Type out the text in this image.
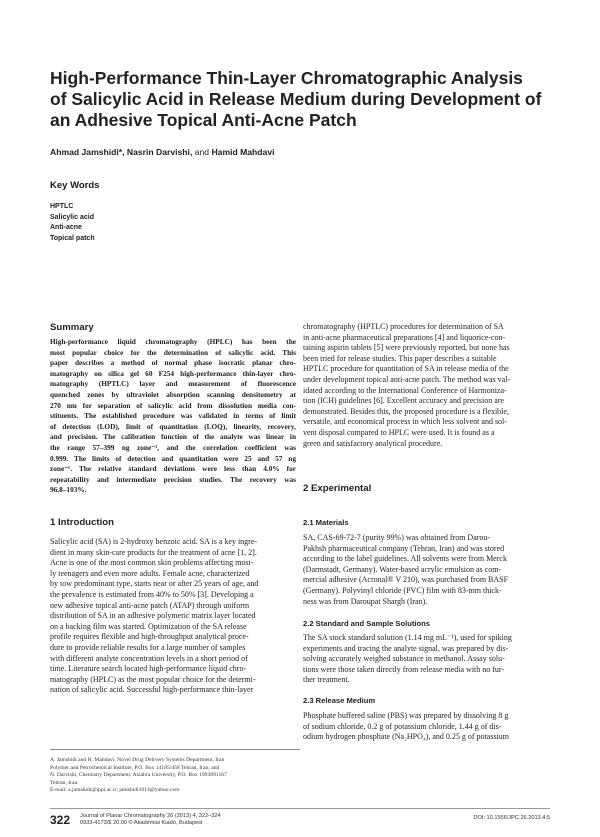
High-Performance Thin-Layer Chromatographic Analysis
of Salicylic Acid in Release Medium during Development of
an Adhesive Topical Anti-Acne Patch
Ahmad Jamshidi*, Nasrin Darvishi, and Hamid Mahdavi
Key Words
HPTLC
Salicylic acid
Anti-acne
Topical patch
Summary
High-performance liquid chromatography (HPLC) has been the
most popular choice for the determination of salicylic acid. This
paper describes a method of normal phase isocratic planar chro-
matography on silica gel 60 F254 high-performance thin-layer chro-
matography (HPTLC) layer and measurement of fluorescence
quenched zones by ultraviolet absorption scanning densitometry at
270 nm for separation of salicylic acid from dissolution media con-
stituents. The established procedure was validated in terms of limit
of detection (LOD), limit of quantitation (LOQ), linearity, recovery,
and precision. The calibration function of the analyte was linear in
the range 57–399 ng zone⁻¹, and the correlation coefficient was
0.999. The limits of detection and quantitation were 25 and 57 ng
zone⁻¹. The relative standard deviations were less than 4.0% for
repeatability and intermediate precision studies. The recovery was
96.8–103%.
1 Introduction
Salicylic acid (SA) is 2-hydroxy benzoic acid. SA is a key ingre-
dient in many skin-care products for the treatment of acne [1, 2].
Acne is one of the most common skin problems affecting most-
ly teenagers and even more adults. Female acne, characterized
by tow predominant type, starts near or after 25 years of age, and
the prevalence is estimated from 40% to 50% [3]. Developing a
new adhesive topical anti-acne patch (ATAP) through uniform
distribution of SA in an adhesive polymeric matrix layer located
on a backing film was started. Optimization of the SA release
profile requires flexible and high-throughput analytical proce-
dure to provide reliable results for a large number of samples
with different analyte concentration levels in a short period of
time. Literature search located high-performance liquid chro-
matography (HPLC) as the most popular choice for the determi-
nation of salicylic acid. Successful high-performance thin-layer
chromatography (HPTLC) procedures for determination of SA
in anti-acne pharmaceutical preparations [4] and liquorice-con-
taining aspirin tablets [5] were previously reported, but none has
been tried for release studies. This paper describes a suitable
HPTLC procedure for quantitation of SA in release media of the
under development topical anti-acne patch. The method was val-
idated according to the International Conference of Harmoniza-
tion (ICH) guidelines [6]. Excellent accuracy and precision are
demonstrated. Besides this, the proposed procedure is a flexible,
versatile, and economical process in which less solvent and sol-
vent disposal compared to HPLC were used. It is found as a
green and satisfactory analytical procedure.
2 Experimental
2.1 Materials
SA, CAS-69-72-7 (purity 99%) was obtained from Darou-
Pakhsh pharmaceutical company (Tehran, Iran) and was stored
according to the label guidelines. All solvents were from Merck
(Darmstadt, Germany). Water-based acrylic emulsion as com-
mercial adhesive (Acronal® V 210), was purchased from BASF
(Germany). Polyvinyl chloride (PVC) film with 83-mm thick-
ness was from Daroupat Shargh (Iran).
2.2 Standard and Sample Solutions
The SA stock standard solution (1.14 mg mL⁻¹), used for spiking
experiments and tracing the analyte signal, was prepared by dis-
solving accurately weighed substance in methanol. Assay solu-
tions were those taken directly from release media with no fur-
ther treatment.
2.3 Release Medium
Phosphate buffered saline (PBS) was prepared by dissolving 8 g
of sodium chloride, 0.2 g of potassium chloride, 1.44 g of dis-
odium hydrogen phosphate (Na₂HPO₄), and 0.25 g of potassium
A. Jamshidi and H. Mahdavi, Novel Drug Delivery Systems Department, Iran
Polymer and Petrochemical Institute, P.O. Box 14185/458 Tehran, Iran; and
N. Darvishi, Chemistry Department, Alzahra University, P.O. Box 1993891167
Tehran, Iran.
E-mail: a.jamshidi@ippi.ac.ir; jamshidi1014@yahoo.com
322 Journal of Planar Chromatography 26 (2013) 4, 322–324
0933-4173/$ 20.00 © Akadémiai Kiadó, Budapest
DOI: 10.1556/JPC.26.2013.4.5
